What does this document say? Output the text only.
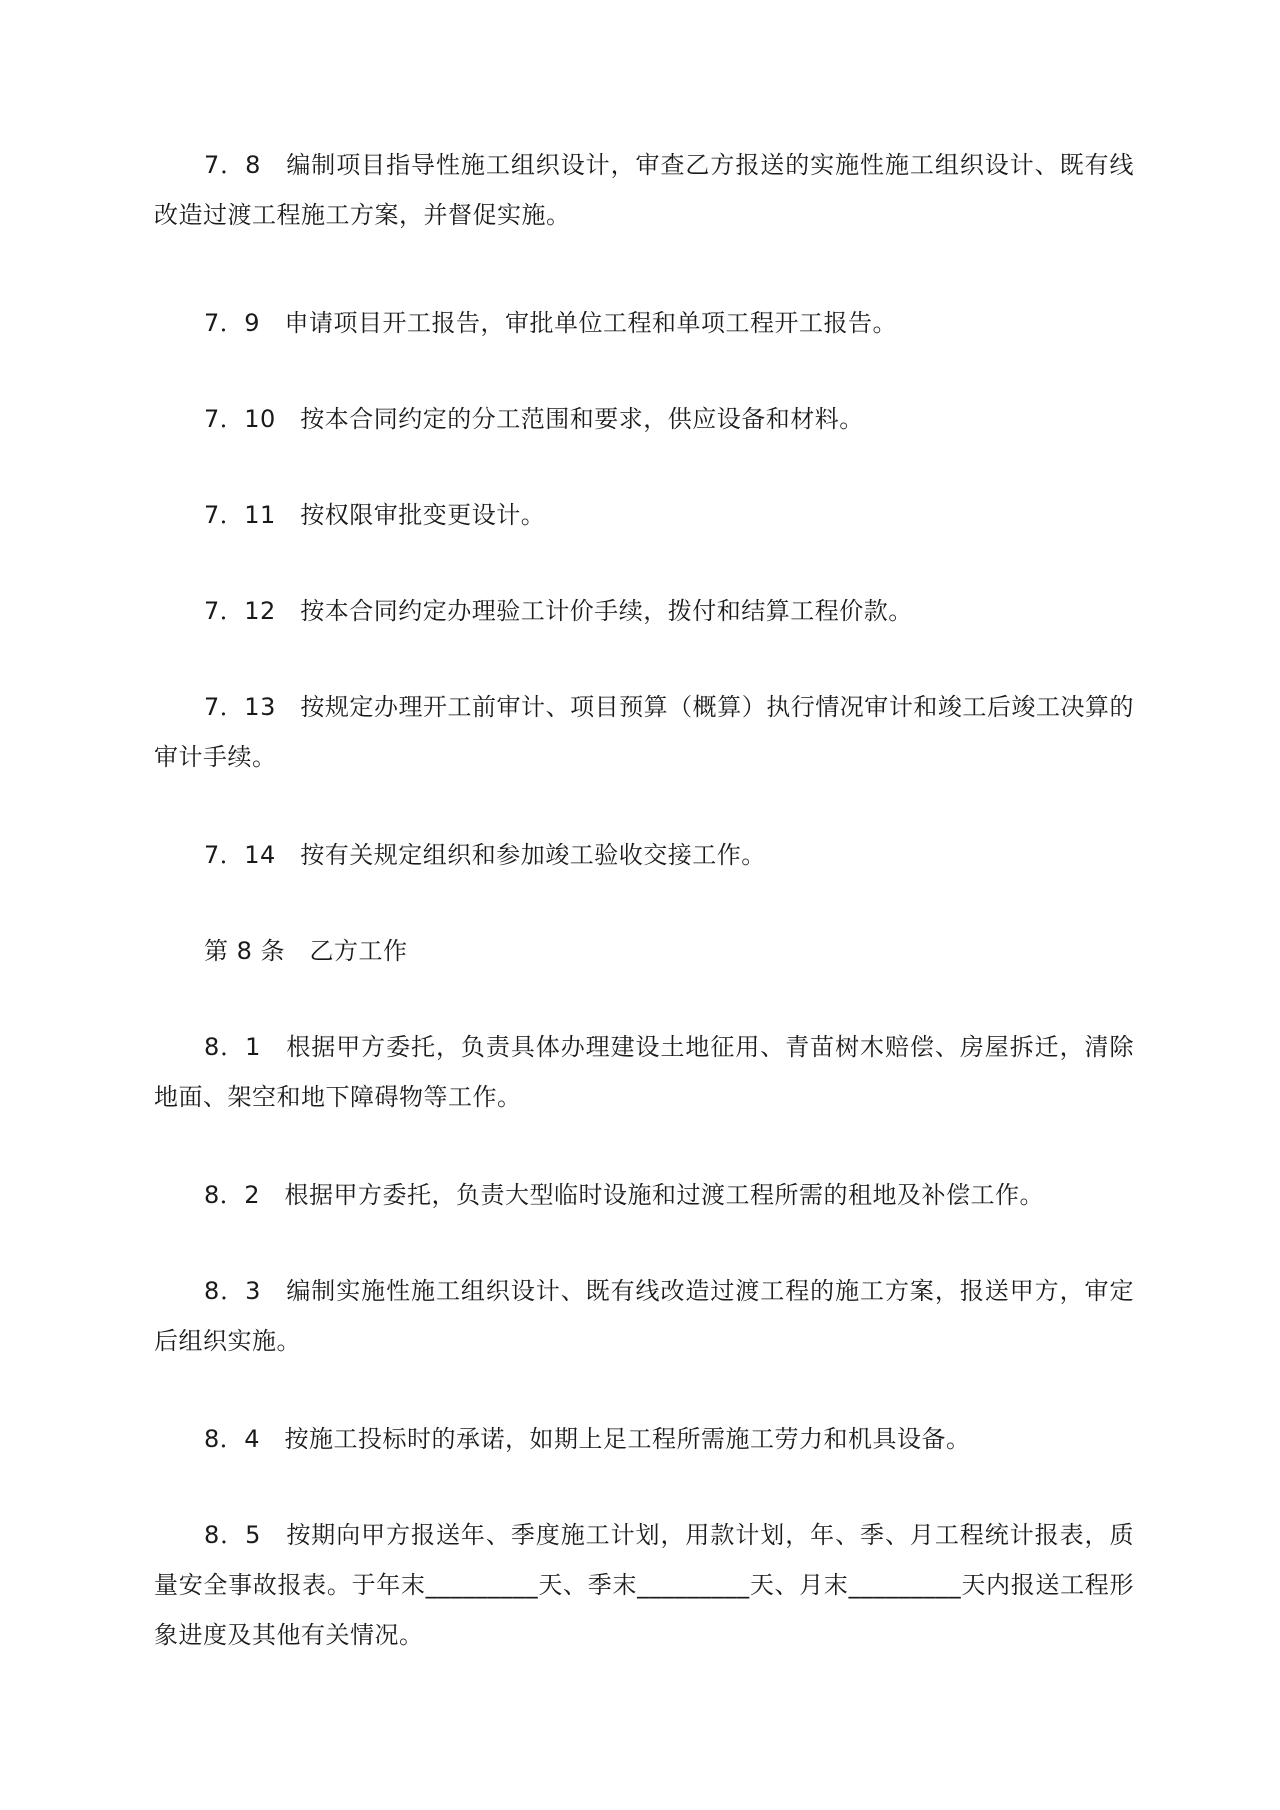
7．8　编制项目指导性施工组织设计，审查乙方报送的实施性施工组织设计、既有线改造过渡工程施工方案，并督促实施。

7．9　申请项目开工报告，审批单位工程和单项工程开工报告。

7．10　按本合同约定的分工范围和要求，供应设备和材料。

7．11　按权限审批变更设计。

7．12　按本合同约定办理验工计价手续，拨付和结算工程价款。

7．13　按规定办理开工前审计、项目预算（概算）执行情况审计和竣工后竣工决算的审计手续。

7．14　按有关规定组织和参加竣工验收交接工作。

第 8 条　乙方工作

8．1　根据甲方委托，负责具体办理建设土地征用、青苗树木赔偿、房屋拆迁，清除地面、架空和地下障碍物等工作。

8．2　根据甲方委托，负责大型临时设施和过渡工程所需的租地及补偿工作。

8．3　编制实施性施工组织设计、既有线改造过渡工程的施工方案，报送甲方，审定后组织实施。

8．4　按施工投标时的承诺，如期上足工程所需施工劳力和机具设备。

8．5　按期向甲方报送年、季度施工计划，用款计划，年、季、月工程统计报表，质量安全事故报表。于年末_________天、季末_________天、月末_________天内报送工程形象进度及其他有关情况。
